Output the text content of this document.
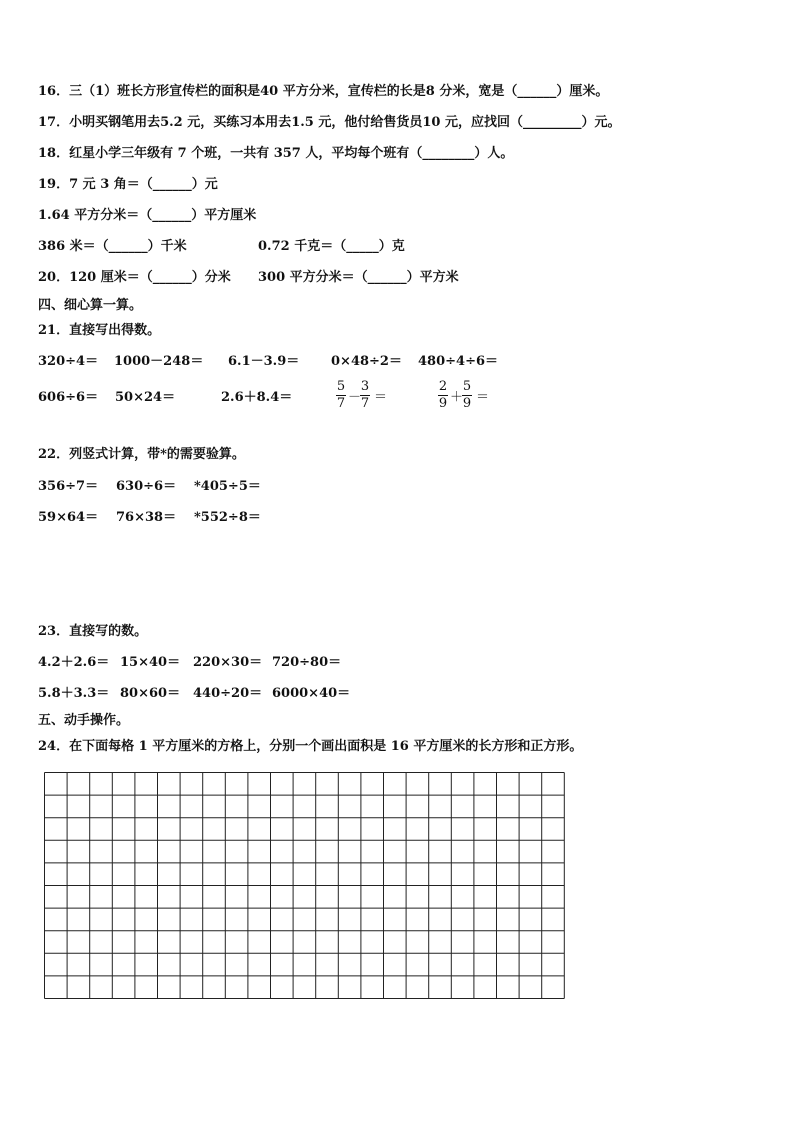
16．三（1）班长方形宣传栏的面积是40 平方分米，宣传栏的长是8 分米，宽是（______）厘米。
17．小明买钢笔用去5.2 元，买练习本用去1.5 元，他付给售货员10 元，应找回（_________）元。
18．红星小学三年级有 7 个班，一共有 357 人，平均每个班有（________）人。
19．7 元 3 角＝（______）元
1.64 平方分米＝（______）平方厘米
386 米＝（______）千米	0.72 千克＝（_____）克
20．120 厘米＝（______）分米 300 平方分米＝（______）平方米
四、细心算一算。
21．直接写出得数。
320÷4＝ 1000－248＝ 6.1－3.9＝ 0×48÷2＝ 480÷4÷6＝
606÷6＝ 50×24＝	2.6＋8.4＝
5
7 －
3
7 ＝
2
9 ＋
5
9 ＝
22．列竖式计算，带*的需要验算。
356÷7＝ 630÷6＝ *405÷5＝
59×64＝ 76×38＝ *552÷8＝
23．直接写的数。
4.2＋2.6＝ 15×40＝ 220×30＝ 720÷80＝
5.8＋3.3＝ 80×60＝ 440÷20＝ 6000×40＝
五、动手操作。
24．在下面每格 1 平方厘米的方格上，分别一个画出面积是 16 平方厘米的长方形和正方形。
